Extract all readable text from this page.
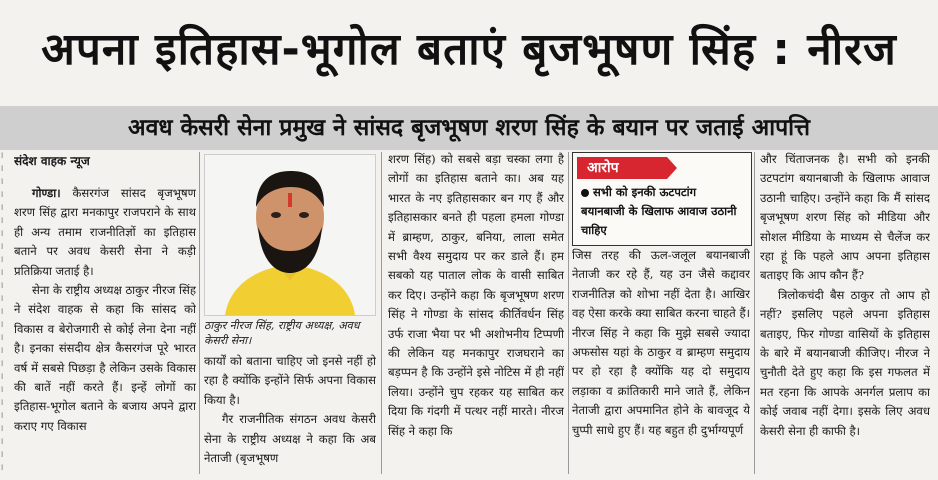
अपना इतिहास-भूगोल बताएं बृजभूषण सिंह : नीरज
अवध केसरी सेना प्रमुख ने सांसद बृजभूषण शरण सिंह के बयान पर जताई आपत्ति
।
।
।
।
।
।
।
।
।
।
।
।
।
।
।
।
।
।
।
।
।
।
।
।
।
संदेश वाहक न्यूज

गोण्डा। कैसरगंज सांसद बृजभूषण शरण सिंह द्वारा मनकापुर राजपराने के साथ ही अन्य तमाम राजनीतिज्ञों का इतिहास बताने पर अवध केसरी सेना ने कड़ी प्रतिक्रिया जताई है।

सेना के राष्ट्रीय अध्यक्ष ठाकुर नीरज सिंह ने संदेश वाहक से कहा कि सांसद को विकास व बेरोजगारी से कोई लेना देना नहीं है। इनका संसदीय क्षेत्र कैसरगंज पूरे भारत वर्ष में सबसे पिछड़ा है लेकिन उसके विकास की बातें नहीं करते हैं। इन्हें लोगों का इतिहास-भूगोल बताने के बजाय अपने द्वारा कराए गए विकास

ठाकुर नीरज सिंह, राष्ट्रीय अध्यक्ष, अवध केसरी सेना।

कार्यों को बताना चाहिए जो इनसे नहीं हो रहा है क्योंकि इन्होंने सिर्फ अपना विकास किया है।

गैर राजनीतिक संगठन अवध केसरी सेना के राष्ट्रीय अध्यक्ष ने कहा कि अब नेताजी (बृजभूषण

शरण सिंह) को सबसे बड़ा चस्का लगा है लोगों का इतिहास बताने का। अब यह भारत के नए इतिहासकार बन गए हैं और इतिहासकार बनते ही पहला हमला गोण्डा में ब्राम्हण, ठाकुर, बनिया, लाला समेत सभी वैश्य समुदाय पर कर डाले हैं। हम सबको यह पाताल लोक के वासी साबित कर दिए। उन्होंने कहा कि बृजभूषण शरण सिंह ने गोण्डा के सांसद कीर्तिवर्धन सिंह उर्फ राजा भैया पर भी अशोभनीय टिप्पणी की लेकिन यह मनकापुर राजघराने का बड़प्पन है कि उन्होंने इसे नोटिस में ही नहीं लिया। उन्होंने चुप रहकर यह साबित कर दिया कि गंदगी में पत्थर नहीं मारते। नीरज सिंह ने कहा कि

आरोप
सभी को इनकी ऊटपटांग बयानबाजी के खिलाफ आवाज उठानी चाहिए

जिस तरह की ऊल-जलूल बयानबाजी नेताजी कर रहे हैं, यह उन जैसे कद्दावर राजनीतिज्ञ को शोभा नहीं देता है। आखिर वह ऐसा करके क्या साबित करना चाहते हैं। नीरज सिंह ने कहा कि मुझे सबसे ज्यादा अफसोस यहां के ठाकुर व ब्राम्हण समुदाय पर हो रहा है क्योंकि यह दो समुदाय लड़ाका व क्रांतिकारी माने जाते हैं, लेकिन नेताजी द्वारा अपमानित होने के बावजूद ये चुप्पी साधे हुए हैं। यह बहुत ही दुर्भाग्यपूर्ण

और चिंताजनक है। सभी को इनकी उटपटांग बयानबाजी के खिलाफ आवाज उठानी चाहिए। उन्होंने कहा कि मैं सांसद बृजभूषण शरण सिंह को मीडिया और सोशल मीडिया के माध्यम से चैलेंज कर रहा हूं कि पहले आप अपना इतिहास बताइए कि आप कौन हैं?

त्रिलोकचंदी बैस ठाकुर तो आप हो नहीं? इसलिए पहले अपना इतिहास बताइए, फिर गोण्डा वासियों के इतिहास के बारे में बयानबाजी कीजिए। नीरज ने चुनौती देते हुए कहा कि इस गफलत में मत रहना कि आपके अनर्गल प्रलाप का कोई जवाब नहीं देगा। इसके लिए अवध केसरी सेना ही काफी है।
